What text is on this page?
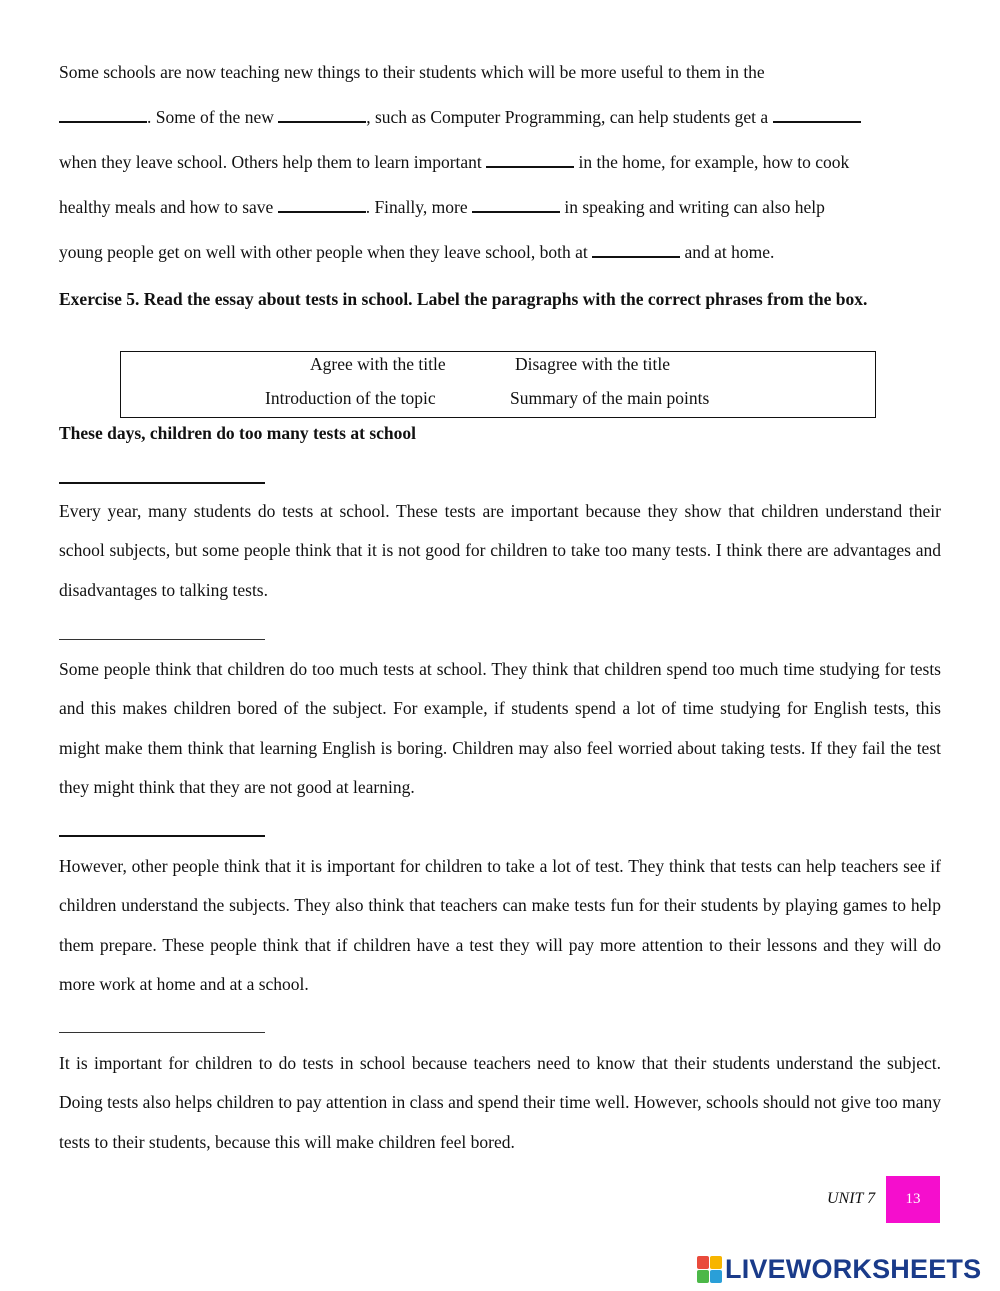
Some schools are now teaching new things to their students which will be more useful to them in the
. Some of the new	, such as Computer Programming, can help students get a
when they leave school. Others help them to learn important	in the home, for example, how to cook
healthy meals and how to save	. Finally, more	in speaking and writing can also help
young people get on well with other people when they leave school, both at	and at home.

Exercise 5. Read the essay about tests in school. Label the paragraphs with the correct phrases from the box.

Agree with the title	Disagree with the title
Introduction of the topic	Summary of the main points

These days, children do too many tests at school

Every year, many students do tests at school. These tests are important because they show that children understand their school subjects, but some people think that it is not good for children to take too many tests. I think there are advantages and disadvantages to talking tests.

Some people think that children do too much tests at school. They think that children spend too much time studying for tests and this makes children bored of the subject. For example, if students spend a lot of time studying for English tests, this might make them think that learning English is boring. Children may also feel worried about taking tests. If they fail the test they might think that they are not good at learning.

However, other people think that it is important for children to take a lot of test. They think that tests can help teachers see if children understand the subjects. They also think that teachers can make tests fun for their students by playing games to help them prepare. These people think that if children have a test they will pay more attention to their lessons and they will do more work at home and at a school.

It is important for children to do tests in school because teachers need to know that their students understand the subject. Doing tests also helps children to pay attention in class and spend their time well. However, schools should not give too many tests to their students, because this will make children feel bored.

UNIT 7 13
LIVEWORKSHEETS
